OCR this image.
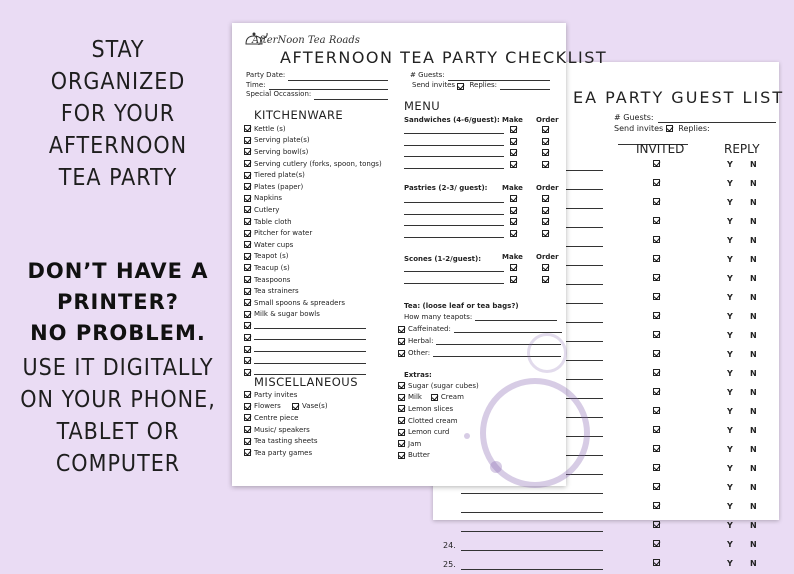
STAY
ORGANIZED
FOR YOUR
AFTERNOON
TEA PARTY
DON’T HAVE A
PRINTER?
NO PROBLEM.
USE IT DIGITALLY
ON YOUR PHONE,
TABLET OR
COMPUTER
EA PARTY GUEST LIST
# Guests:
Send invites Replies:
INVITED	REPLY
Y N
Y N
Y N
Y N
Y N
Y N
Y N
Y N
Y N
Y N
Y N
Y N
Y N
Y N
Y N
Y N
Y N
Y N
Y N
Y N
24.	Y N
25.	Y N
AfterNoon Tea Roads
AFTERNOON TEA PARTY CHECKLIST
Party Date:
Time:
Special Occassion:
# Guests:
Send invites

Replies:
KITCHENWARE
Kettle (s)
Serving plate(s)
Serving bowl(s)
Serving cutlery (forks, spoon, tongs)
Tiered plate(s)
Plates (paper)
Napkins
Cutlery
Table cloth
Pitcher for water
Water cups
Teapot (s)
Teacup (s)
Teaspoons
Tea strainers
Small spoons & spreaders
Milk & sugar bowls
MISCELLANEOUS
Party invites
Flowers
	Vase(s)
Centre piece
Music/ speakers
Tea tasting sheets
Tea party games
MENU
Sandwiches (4-6/guest): Make Order
Pastries (2-3/ guest): Make Order
Scones (1-2/guest):	Make Order
Tea: (loose leaf or tea bags?)
How many teapots:
Caffeinated:
Herbal:
Other:
Extras:
Sugar (sugar cubes)
Milk
	Cream
Lemon slices
Clotted cream
Lemon curd
Jam
Butter
